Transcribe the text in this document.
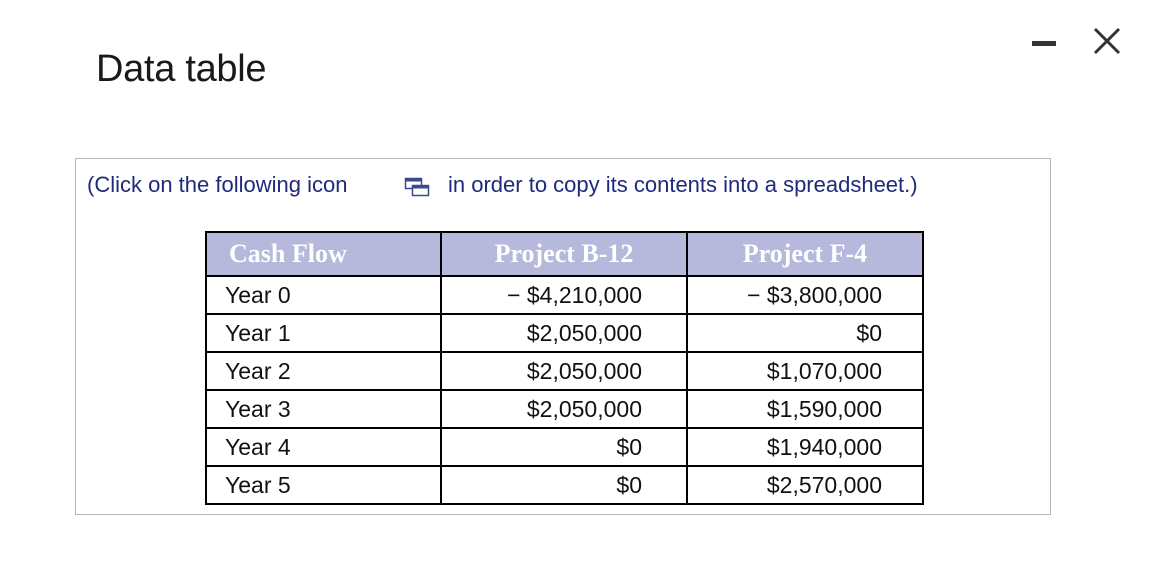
Data table
(Click on the following icon	in order to copy its contents into a spreadsheet.)
Cash Flow	Project B-12	Project F-4
Year 0	− $4,210,000	− $3,800,000
Year 1	$2,050,000	$0
Year 2	$2,050,000	$1,070,000
Year 3	$2,050,000	$1,590,000
Year 4	$0	$1,940,000
Year 5	$0	$2,570,000
